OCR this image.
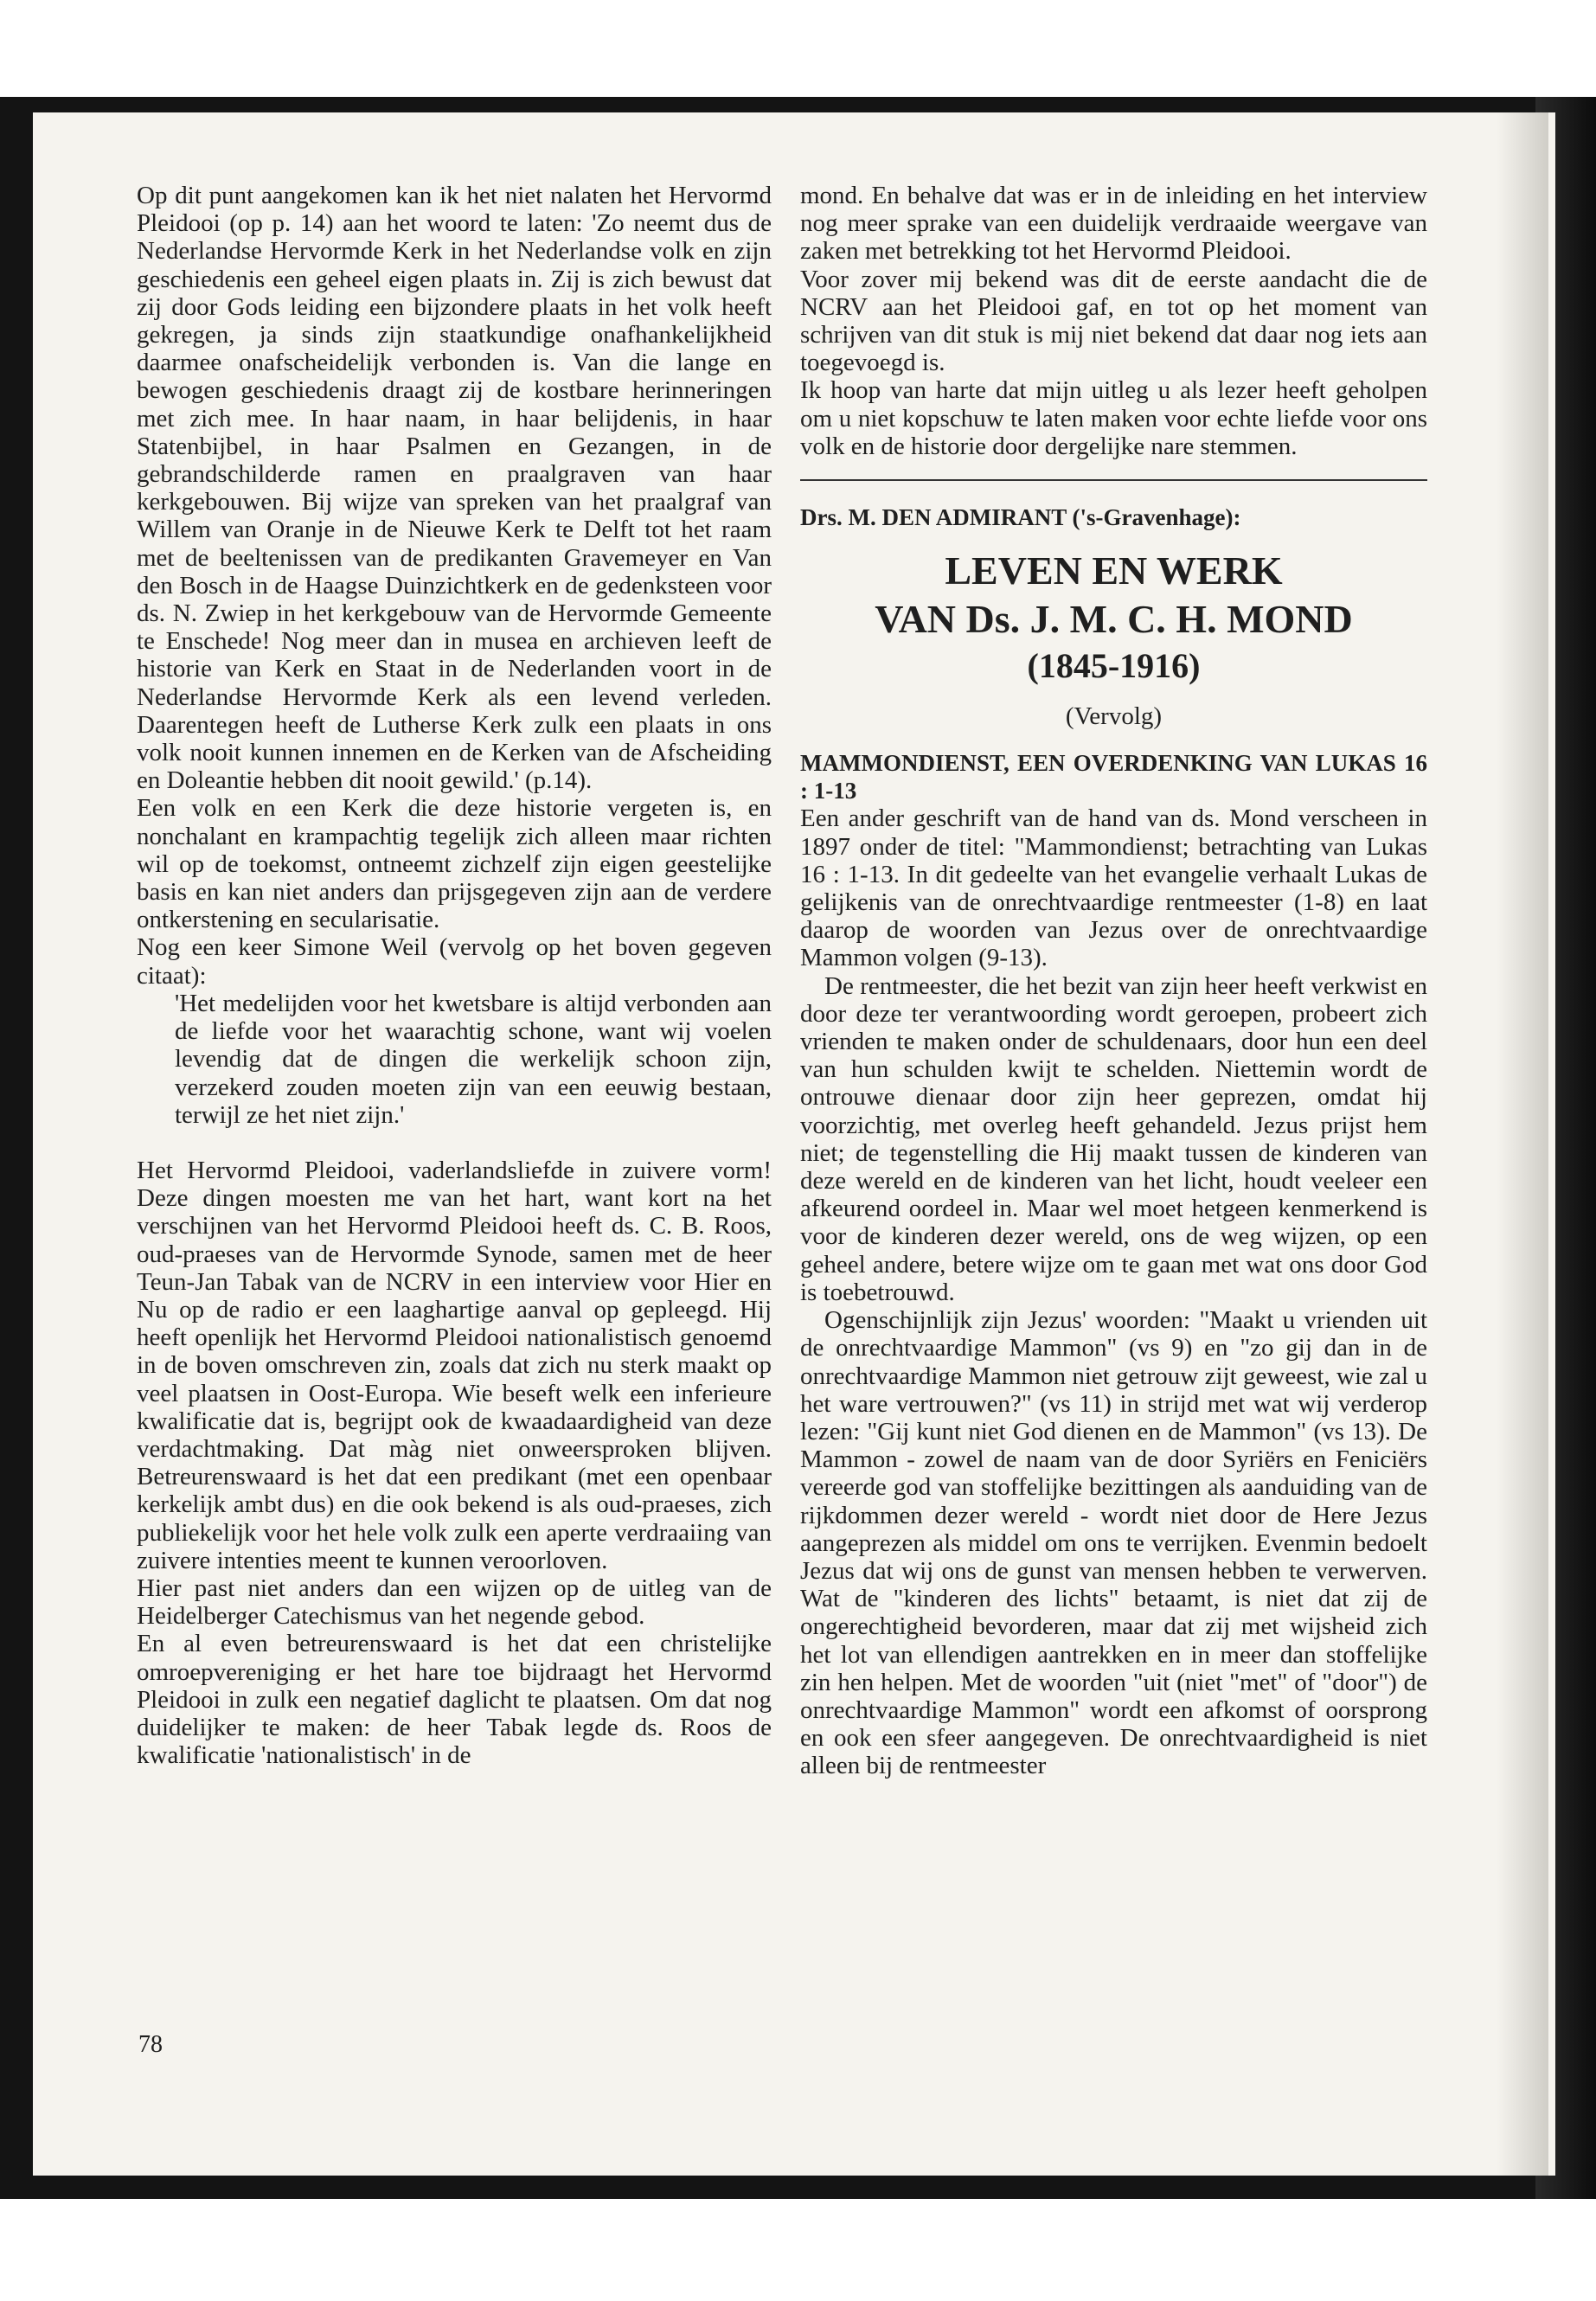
Op dit punt aangekomen kan ik het niet nalaten het Hervormd Pleidooi (op p. 14) aan het woord te laten: 'Zo neemt dus de Nederlandse Hervormde Kerk in het Nederlandse volk en zijn geschiedenis een geheel eigen plaats in. Zij is zich bewust dat zij door Gods leiding een bijzondere plaats in het volk heeft gekregen, ja sinds zijn staatkundige onafhankelijkheid daarmee onafscheidelijk verbonden is. Van die lange en bewogen geschiedenis draagt zij de kostbare herinneringen met zich mee. In haar naam, in haar belijdenis, in haar Statenbijbel, in haar Psalmen en Gezangen, in de gebrandschilderde ramen en praalgraven van haar kerkgebouwen. Bij wijze van spreken van het praalgraf van Willem van Oranje in de Nieuwe Kerk te Delft tot het raam met de beeltenissen van de predikanten Gravemeyer en Van den Bosch in de Haagse Duinzichtkerk en de gedenksteen voor ds. N. Zwiep in het kerkgebouw van de Hervormde Gemeente te Enschede! Nog meer dan in musea en archieven leeft de historie van Kerk en Staat in de Nederlanden voort in de Nederlandse Hervormde Kerk als een levend verleden. Daarentegen heeft de Lutherse Kerk zulk een plaats in ons volk nooit kunnen innemen en de Kerken van de Afscheiding en Doleantie hebben dit nooit gewild.' (p.14).

Een volk en een Kerk die deze historie vergeten is, en nonchalant en krampachtig tegelijk zich alleen maar richten wil op de toekomst, ontneemt zichzelf zijn eigen geestelijke basis en kan niet anders dan prijsgegeven zijn aan de verdere ontkerstening en secularisatie.

Nog een keer Simone Weil (vervolg op het boven gegeven citaat):

'Het medelijden voor het kwetsbare is altijd verbonden aan de liefde voor het waarachtig schone, want wij voelen levendig dat de dingen die werkelijk schoon zijn, verzekerd zouden moeten zijn van een eeuwig bestaan, terwijl ze het niet zijn.'

Het Hervormd Pleidooi, vaderlandsliefde in zuivere vorm! Deze dingen moesten me van het hart, want kort na het verschijnen van het Hervormd Pleidooi heeft ds. C. B. Roos, oud-praeses van de Hervormde Synode, samen met de heer Teun-Jan Tabak van de NCRV in een interview voor Hier en Nu op de radio er een laaghartige aanval op gepleegd. Hij heeft openlijk het Hervormd Pleidooi nationalistisch genoemd in de boven omschreven zin, zoals dat zich nu sterk maakt op veel plaatsen in Oost-Europa. Wie beseft welk een inferieure kwalificatie dat is, begrijpt ook de kwaadaardigheid van deze verdachtmaking. Dat màg niet onweersproken blijven. Betreurenswaard is het dat een predikant (met een openbaar kerkelijk ambt dus) en die ook bekend is als oud-praeses, zich publiekelijk voor het hele volk zulk een aperte verdraaiing van zuivere intenties meent te kunnen veroorloven.

Hier past niet anders dan een wijzen op de uitleg van de Heidelberger Catechismus van het negende gebod.

En al even betreurenswaard is het dat een christelijke omroepvereniging er het hare toe bijdraagt het Hervormd Pleidooi in zulk een negatief daglicht te plaatsen. Om dat nog duidelijker te maken: de heer Tabak legde ds. Roos de kwalificatie 'nationalistisch' in de

78

mond. En behalve dat was er in de inleiding en het interview nog meer sprake van een duidelijk verdraaide weergave van zaken met betrekking tot het Hervormd Pleidooi.

Voor zover mij bekend was dit de eerste aandacht die de NCRV aan het Pleidooi gaf, en tot op het moment van schrijven van dit stuk is mij niet bekend dat daar nog iets aan toegevoegd is.

Ik hoop van harte dat mijn uitleg u als lezer heeft geholpen om u niet kopschuw te laten maken voor echte liefde voor ons volk en de historie door dergelijke nare stemmen.

Drs. M. DEN ADMIRANT ('s-Gravenhage):
LEVEN EN WERK
VAN Ds. J. M. C. H. MOND
(1845-1916)
(Vervolg)
MAMMONDIENST, EEN OVERDENKING VAN LUKAS 16 : 1-13

Een ander geschrift van de hand van ds. Mond verscheen in 1897 onder de titel: "Mammondienst; betrachting van Lukas 16 : 1-13. In dit gedeelte van het evangelie verhaalt Lukas de gelijkenis van de onrechtvaardige rentmeester (1-8) en laat daarop de woorden van Jezus over de onrechtvaardige Mammon volgen (9-13).

De rentmeester, die het bezit van zijn heer heeft verkwist en door deze ter verantwoording wordt geroepen, probeert zich vrienden te maken onder de schuldenaars, door hun een deel van hun schulden kwijt te schelden. Niettemin wordt de ontrouwe dienaar door zijn heer geprezen, omdat hij voorzichtig, met overleg heeft gehandeld. Jezus prijst hem niet; de tegenstelling die Hij maakt tussen de kinderen van deze wereld en de kinderen van het licht, houdt veeleer een afkeurend oordeel in. Maar wel moet hetgeen kenmerkend is voor de kinderen dezer wereld, ons de weg wijzen, op een geheel andere, betere wijze om te gaan met wat ons door God is toebetrouwd.

Ogenschijnlijk zijn Jezus' woorden: "Maakt u vrienden uit de onrechtvaardige Mammon" (vs 9) en "zo gij dan in de onrechtvaardige Mammon niet getrouw zijt geweest, wie zal u het ware vertrouwen?" (vs 11) in strijd met wat wij verderop lezen: "Gij kunt niet God dienen en de Mammon" (vs 13). De Mammon - zowel de naam van de door Syriërs en Feniciërs vereerde god van stoffelijke bezittingen als aanduiding van de rijkdommen dezer wereld - wordt niet door de Here Jezus aangeprezen als middel om ons te verrijken. Evenmin bedoelt Jezus dat wij ons de gunst van mensen hebben te verwerven. Wat de "kinderen des lichts" betaamt, is niet dat zij de ongerechtigheid bevorderen, maar dat zij met wijsheid zich het lot van ellendigen aantrekken en in meer dan stoffelijke zin hen helpen. Met de woorden "uit (niet "met" of "door") de onrechtvaardige Mammon" wordt een afkomst of oorsprong en ook een sfeer aangegeven. De onrechtvaardigheid is niet alleen bij de rentmeester
